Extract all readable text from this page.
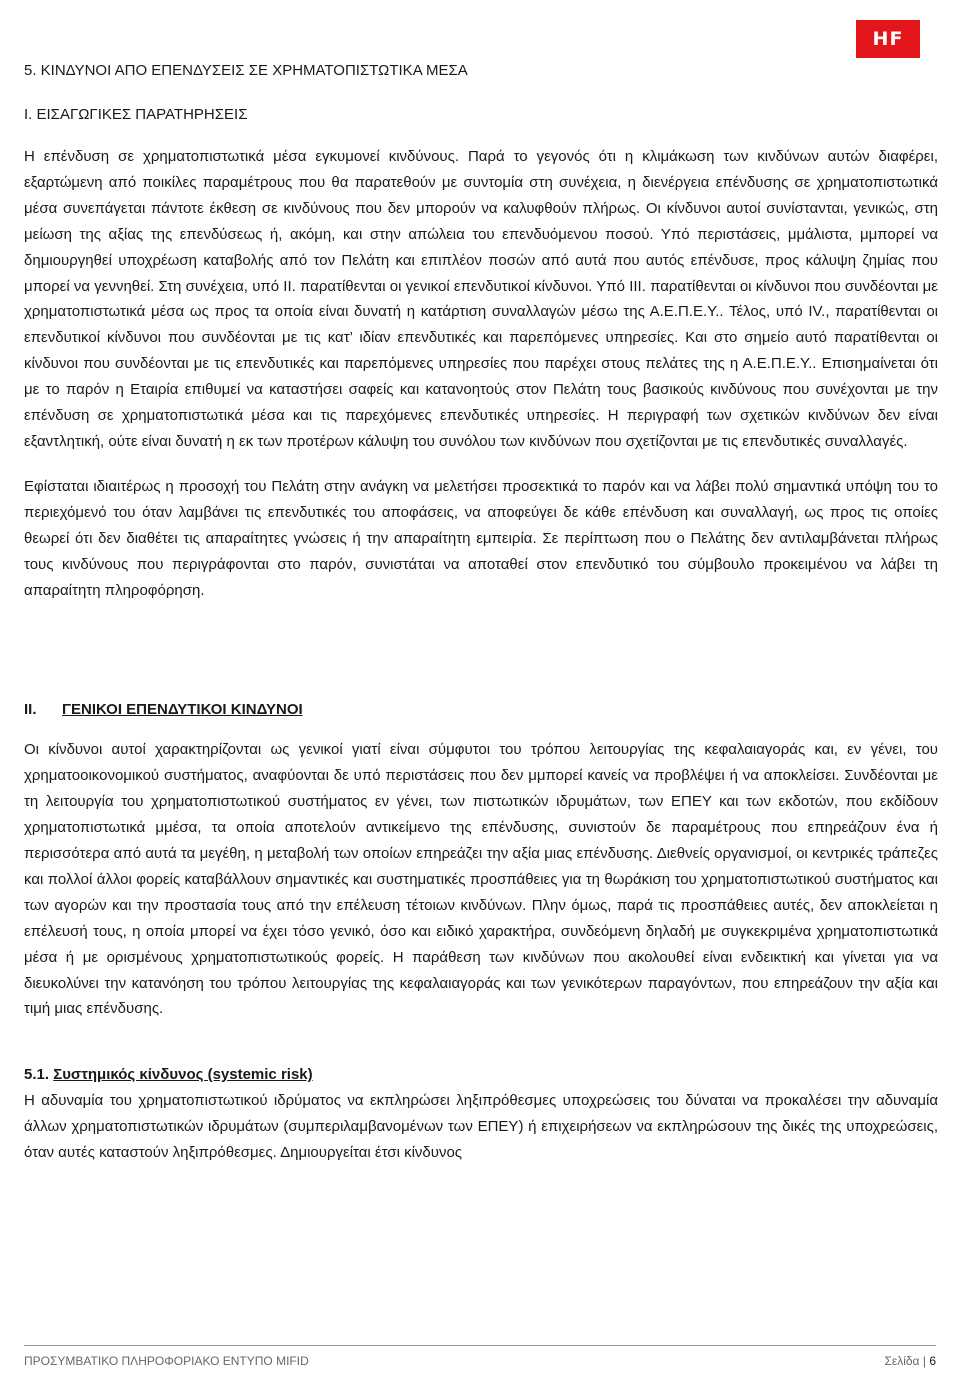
HF

5. ΚΙΝΔΥΝΟΙ ΑΠΟ ΕΠΕΝΔΥΣΕΙΣ ΣΕ ΧΡΗΜΑΤΟΠΙΣΤΩΤΙΚΑ ΜΕΣΑ

Ι. ΕΙΣΑΓΩΓΙΚΕΣ ΠΑΡΑΤΗΡΗΣΕΙΣ

Η επένδυση σε χρηματοπιστωτικά μέσα εγκυμονεί κινδύνους. Παρά το γεγονός ότι η κλιμάκωση των κινδύνων αυτών διαφέρει, εξαρτώμενη από ποικίλες παραμέτρους που θα παρατεθούν με συντομία στη συνέχεια, η διενέργεια επένδυσης σε χρηματοπιστωτικά μέσα συνεπάγεται πάντοτε έκθεση σε κινδύνους που δεν μπορούν να καλυφθούν πλήρως. Οι κίνδυνοι αυτοί συνίστανται, γενικώς, στη μείωση της αξίας της επενδύσεως ή, ακόμη, και στην απώλεια του επενδυόμενου ποσού. Υπό περιστάσεις, μμάλιστα, μμπορεί να δημιουργηθεί υποχρέωση καταβολής από τον Πελάτη και επιπλέον ποσών από αυτά που αυτός επένδυσε, προς κάλυψη ζημίας που μπορεί να γεννηθεί. Στη συνέχεια, υπό ΙΙ. παρατίθενται οι γενικοί επενδυτικοί κίνδυνοι. Υπό ΙΙΙ. παρατίθενται οι κίνδυνοι που συνδέονται με χρηματοπιστωτικά μέσα ως προς τα οποία είναι δυνατή η κατάρτιση συναλλαγών μέσω της Α.Ε.Π.Ε.Υ.. Τέλος, υπό IV., παρατίθενται οι επενδυτικοί κίνδυνοι που συνδέονται με τις κατ’ ιδίαν επενδυτικές και παρεπόμενες υπηρεσίες. Και στο σημείο αυτό παρατίθενται οι κίνδυνοι που συνδέονται με τις επενδυτικές και παρεπόμενες υπηρεσίες που παρέχει στους πελάτες της η Α.Ε.Π.Ε.Υ.. Επισημαίνεται ότι με το παρόν η Εταιρία επιθυμεί να καταστήσει σαφείς και κατανοητούς στον Πελάτη τους βασικούς κινδύνους που συνέχονται με την επένδυση σε χρηματοπιστωτικά μέσα και τις παρεχόμενες επενδυτικές υπηρεσίες. Η περιγραφή των σχετικών κινδύνων δεν είναι εξαντλητική, ούτε είναι δυνατή η εκ των προτέρων κάλυψη του συνόλου των κινδύνων που σχετίζονται με τις επενδυτικές συναλλαγές.

Εφίσταται ιδιαιτέρως η προσοχή του Πελάτη στην ανάγκη να μελετήσει προσεκτικά το παρόν και να λάβει πολύ σημαντικά υπόψη του το περιεχόμενό του όταν λαμβάνει τις επενδυτικές του αποφάσεις, να αποφεύγει δε κάθε επένδυση και συναλλαγή, ως προς τις οποίες θεωρεί ότι δεν διαθέτει τις απαραίτητες γνώσεις ή την απαραίτητη εμπειρία. Σε περίπτωση που ο Πελάτης δεν αντιλαμβάνεται πλήρως τους κινδύνους που περιγράφονται στο παρόν, συνιστάται να αποταθεί στον επενδυτικό του σύμβουλο προκειμένου να λάβει τη απαραίτητη πληροφόρηση.

II. ΓΕΝΙΚΟΙ ΕΠΕΝΔΥΤΙΚΟΙ ΚΙΝΔΥΝΟΙ

Οι κίνδυνοι αυτοί χαρακτηρίζονται ως γενικοί γιατί είναι σύμφυτοι του τρόπου λειτουργίας της κεφαλαιαγοράς και, εν γένει, του χρηματοοικονομικού συστήματος, αναφύονται δε υπό περιστάσεις που δεν μμπορεί κανείς να προβλέψει ή να αποκλείσει. Συνδέονται με τη λειτουργία του χρηματοπιστωτικού συστήματος εν γένει, των πιστωτικών ιδρυμάτων, των ΕΠΕΥ και των εκδοτών, που εκδίδουν χρηματοπιστωτικά μμέσα, τα οποία αποτελούν αντικείμενο της επένδυσης, συνιστούν δε παραμέτρους που επηρεάζουν ένα ή περισσότερα από αυτά τα μεγέθη, η μεταβολή των οποίων επηρεάζει την αξία μιας επένδυσης. Διεθνείς οργανισμοί, οι κεντρικές τράπεζες και πολλοί άλλοι φορείς καταβάλλουν σημαντικές και συστηματικές προσπάθειες για τη θωράκιση του χρηματοπιστωτικού συστήματος και των αγορών και την προστασία τους από την επέλευση τέτοιων κινδύνων. Πλην όμως, παρά τις προσπάθειες αυτές, δεν αποκλείεται η επέλευσή τους, η οποία μπορεί να έχει τόσο γενικό, όσο και ειδικό χαρακτήρα, συνδεόμενη δηλαδή με συγκεκριμένα χρηματοπιστωτικά μέσα ή με ορισμένους χρηματοπιστωτικούς φορείς. Η παράθεση των κινδύνων που ακολουθεί είναι ενδεικτική και γίνεται για να διευκολύνει την κατανόηση του τρόπου λειτουργίας της κεφαλαιαγοράς και των γενικότερων παραγόντων, που επηρεάζουν την αξία και τιμή μιας επένδυσης.

5.1. Συστημικός κίνδυνος (systemic risk)

Η αδυναμία του χρηματοπιστωτικού ιδρύματος να εκπληρώσει ληξιπρόθεσμες υποχρεώσεις του δύναται να προκαλέσει την αδυναμία άλλων χρηματοπιστωτικών ιδρυμάτων (συμπεριλαμβανομένων των ΕΠΕΥ) ή επιχειρήσεων να εκπληρώσουν της δικές της υποχρεώσεις, όταν αυτές καταστούν ληξιπρόθεσμες. Δημιουργείται έτσι κίνδυνος

ΠΡΟΣΥΜΒΑΤΙΚΟ ΠΛΗΡΟΦΟΡΙΑΚΟ ΕΝΤΥΠΟ MIFID	Σελίδα | 6
